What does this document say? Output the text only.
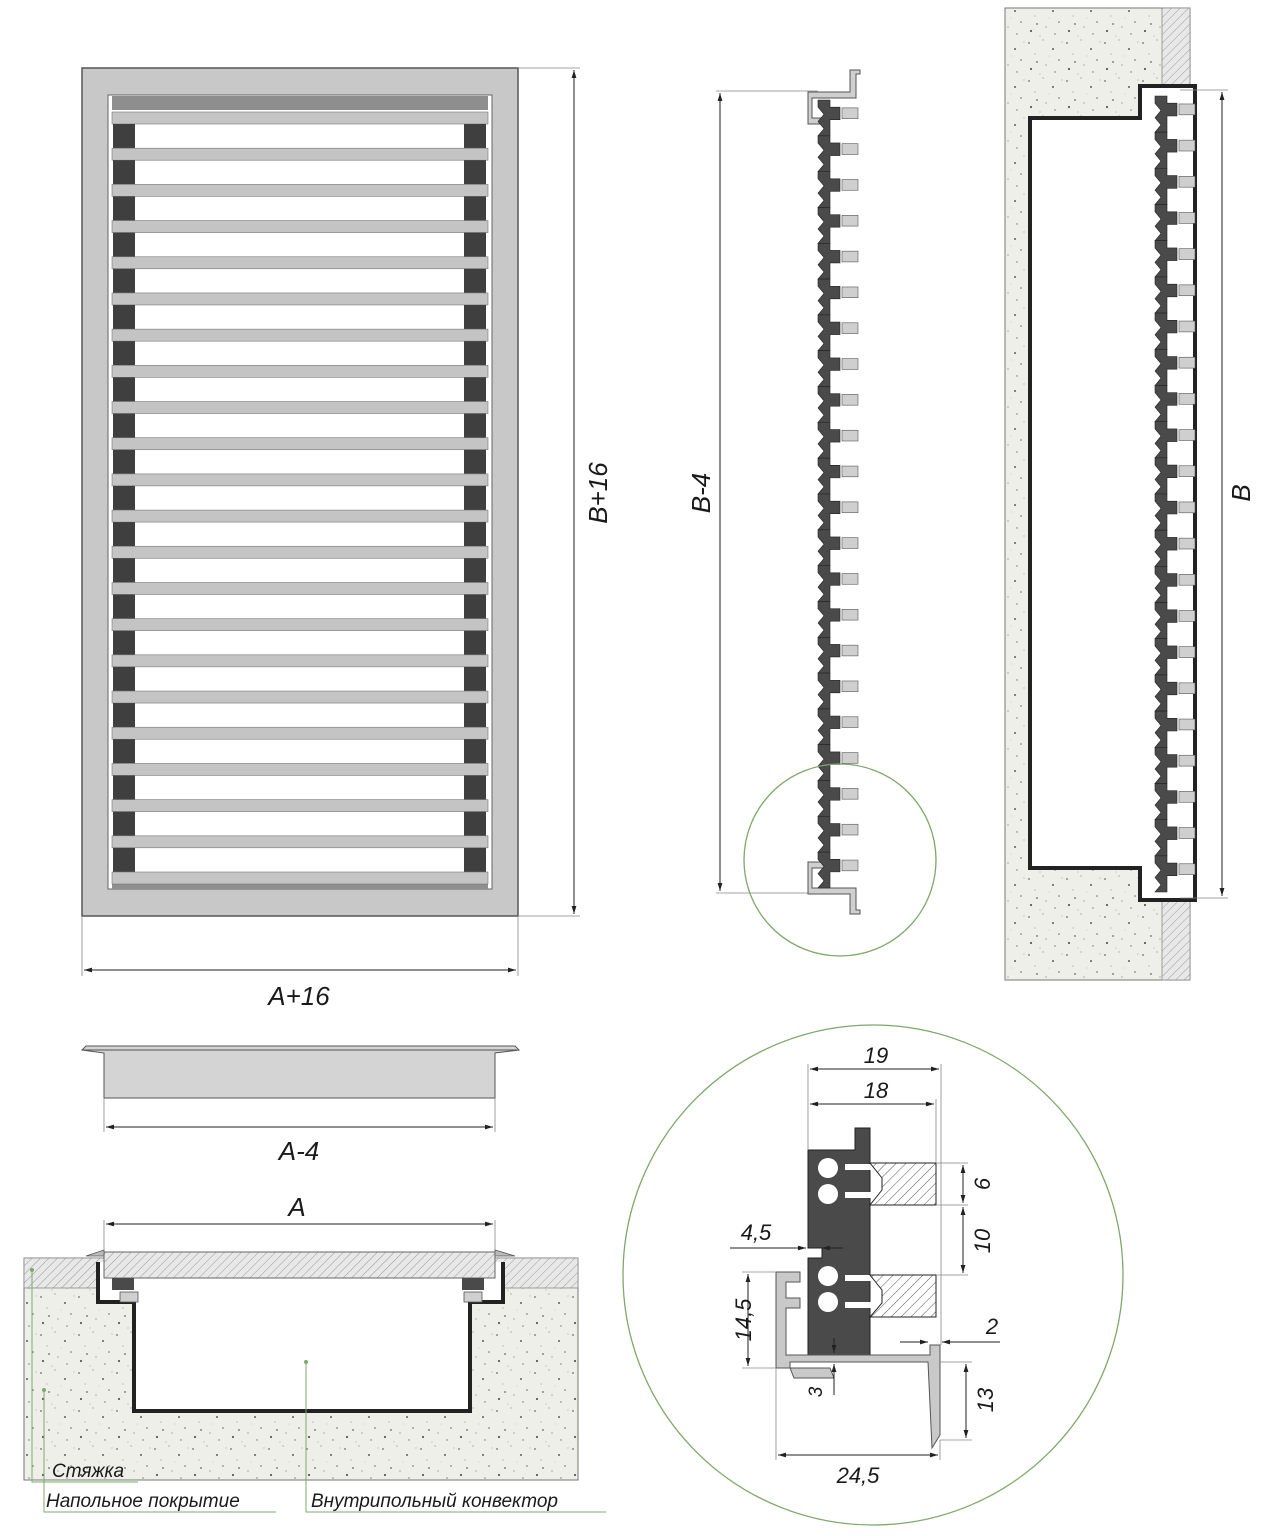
B+16
A+16
B-4	B
A-4
A
Стяжка
Напольное покрытие	Внутрипольный конвектор
19
18
6
10
4,5
14,5	2
3	13
24,5
